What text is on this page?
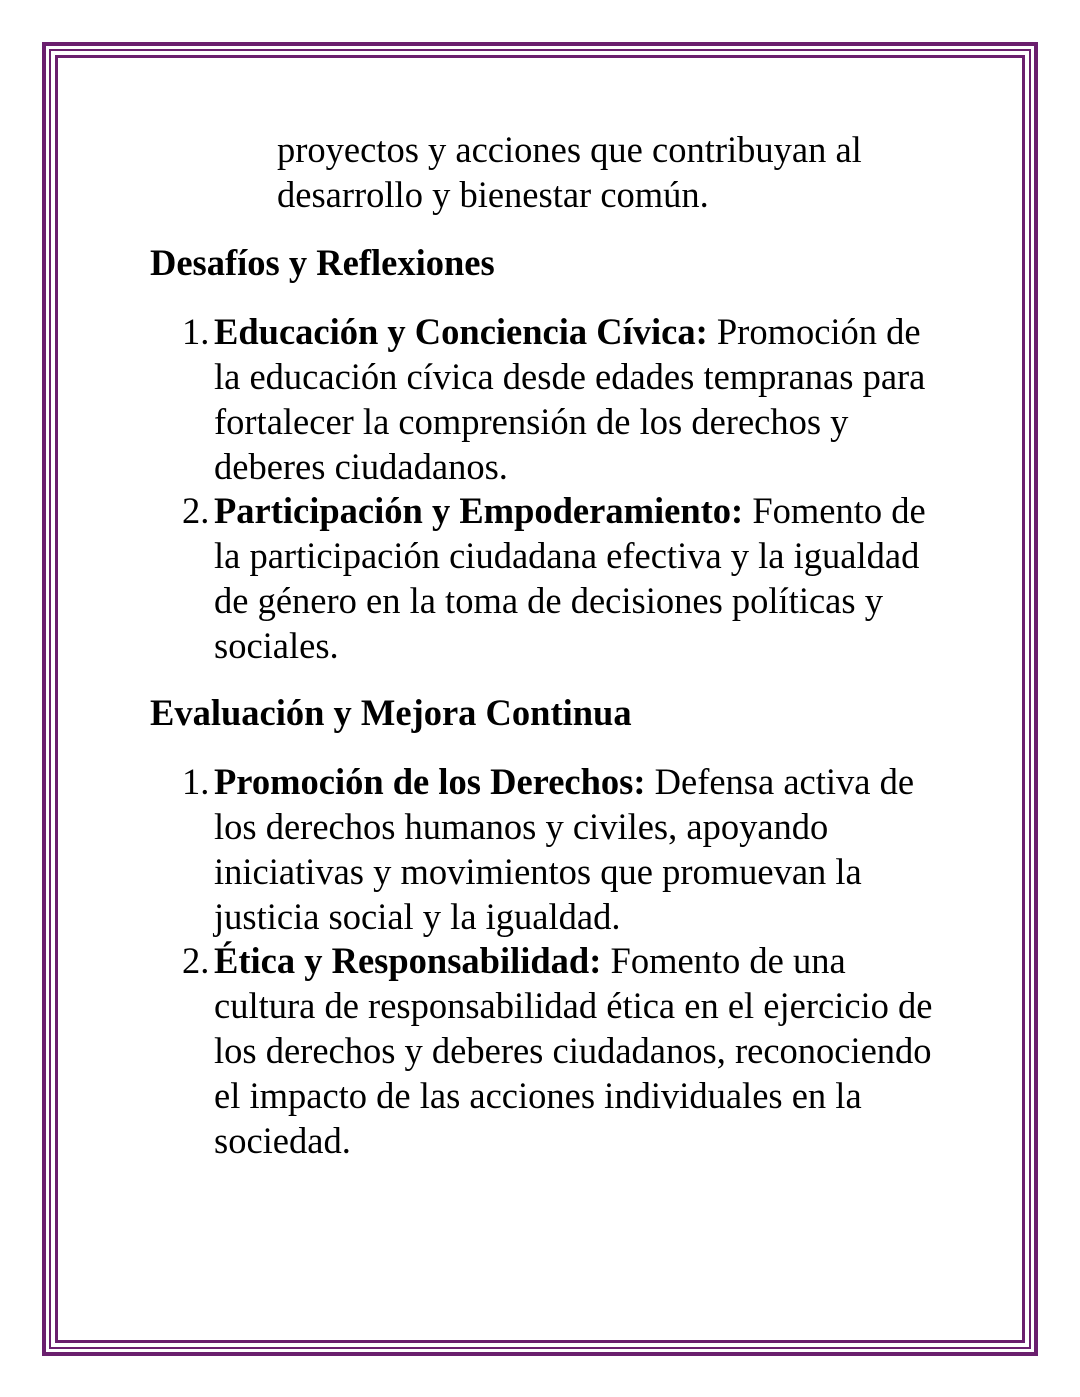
proyectos y acciones que contribuyan al desarrollo y bienestar común.

Desafíos y Reflexiones
1. Educación y Conciencia Cívica: Promoción de la educación cívica desde edades tempranas para fortalecer la comprensión de los derechos y deberes ciudadanos.

2. Participación y Empoderamiento: Fomento de la participación ciudadana efectiva y la igualdad de género en la toma de decisiones políticas y sociales.

Evaluación y Mejora Continua
1. Promoción de los Derechos: Defensa activa de los derechos humanos y civiles, apoyando iniciativas y movimientos que promuevan la justicia social y la igualdad.

2. Ética y Responsabilidad: Fomento de una cultura de responsabilidad ética en el ejercicio de los derechos y deberes ciudadanos, reconociendo el impacto de las acciones individuales en la sociedad.
